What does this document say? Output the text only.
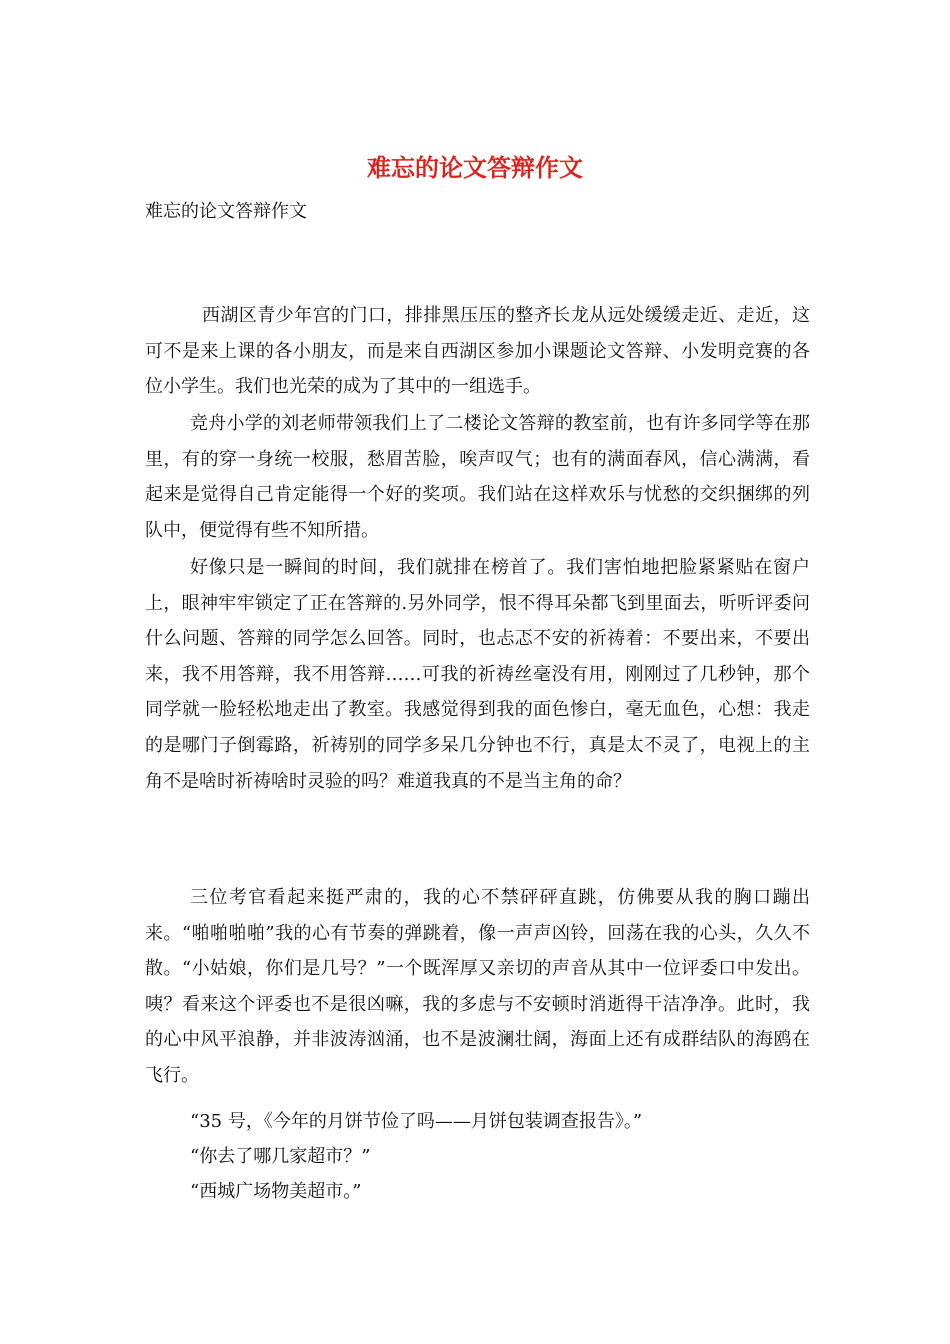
难忘的论文答辩作文

难忘的论文答辩作文

西湖区青少年宫的门口，排排黑压压的整齐长龙从远处缓缓走近、走近，这可不是来上课的各小朋友，而是来自西湖区参加小课题论文答辩、小发明竞赛的各位小学生。我们也光荣的成为了其中的一组选手。

竞舟小学的刘老师带领我们上了二楼论文答辩的教室前，也有许多同学等在那里，有的穿一身统一校服，愁眉苦脸，唉声叹气；也有的满面春风，信心满满，看起来是觉得自己肯定能得一个好的奖项。我们站在这样欢乐与忧愁的交织捆绑的列队中，便觉得有些不知所措。

好像只是一瞬间的时间，我们就排在榜首了。我们害怕地把脸紧紧贴在窗户上，眼神牢牢锁定了正在答辩的.另外同学，恨不得耳朵都飞到里面去，听听评委问什么问题、答辩的同学怎么回答。同时，也忐忑不安的祈祷着：不要出来，不要出来，我不用答辩，我不用答辩……可我的祈祷丝毫没有用，刚刚过了几秒钟，那个同学就一脸轻松地走出了教室。我感觉得到我的面色惨白，毫无血色，心想：我走的是哪门子倒霉路，祈祷别的同学多呆几分钟也不行，真是太不灵了，电视上的主角不是啥时祈祷啥时灵验的吗？难道我真的不是当主角的命？

三位考官看起来挺严肃的，我的心不禁砰砰直跳，仿佛要从我的胸口蹦出来。“啪啪啪啪”我的心有节奏的弹跳着，像一声声凶铃，回荡在我的心头，久久不散。“小姑娘，你们是几号？”一个既浑厚又亲切的声音从其中一位评委口中发出。咦？看来这个评委也不是很凶嘛，我的多虑与不安顿时消逝得干洁净净。此时，我的心中风平浪静，并非波涛汹涌，也不是波澜壮阔，海面上还有成群结队的海鸥在飞行。

“35 号，《今年的月饼节俭了吗——月饼包装调查报告》。”

“你去了哪几家超市？”

“西城广场物美超市。”
